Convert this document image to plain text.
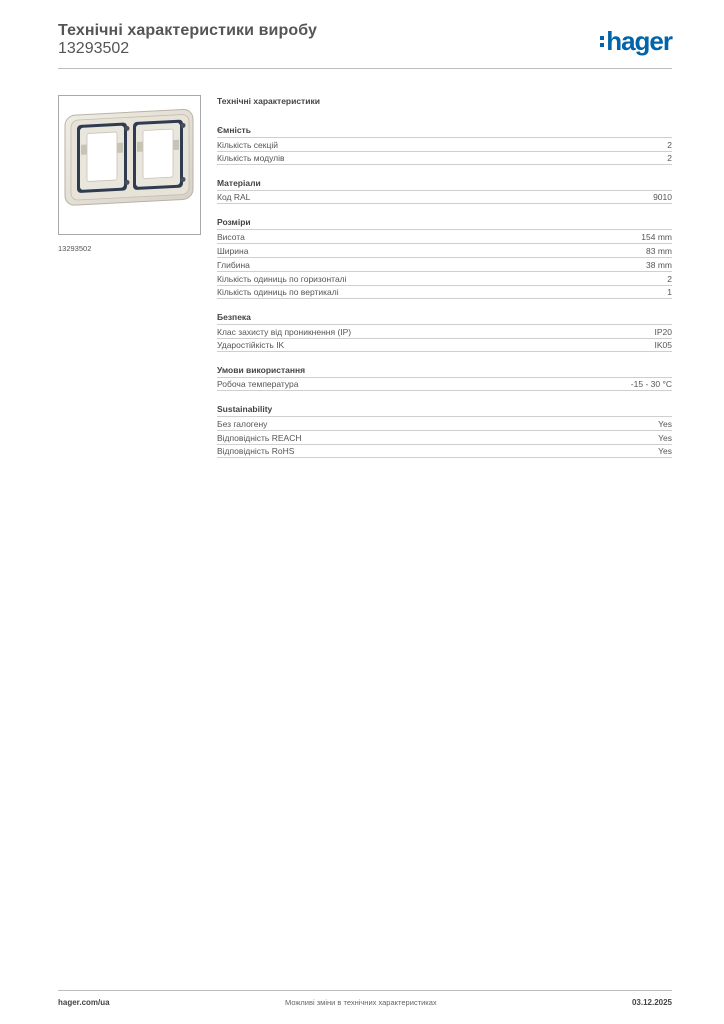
Технічні характеристики виробу
13293502	hager
13293502
Технічні характеристики
Ємність
Кількість секцій	2
Кількість модулів	2
Матеріали
Код RAL	9010
Розміри
Висота	154 mm
Ширина	83 mm
Глибина	38 mm
Кількість одиниць по горизонталі	2
Кількість одиниць по вертикалі	1
Безпека
Клас захисту від проникнення (IP)	IP20
Ударостійкість IK	IK05
Умови використання
Робоча температура	-15 - 30 °C
Sustainability
Без галогену	Yes
Відповідність REACH	Yes
Відповідність RoHS	Yes
hager.com/ua	Можливі зміни в технічних характеристиках	03.12.2025
